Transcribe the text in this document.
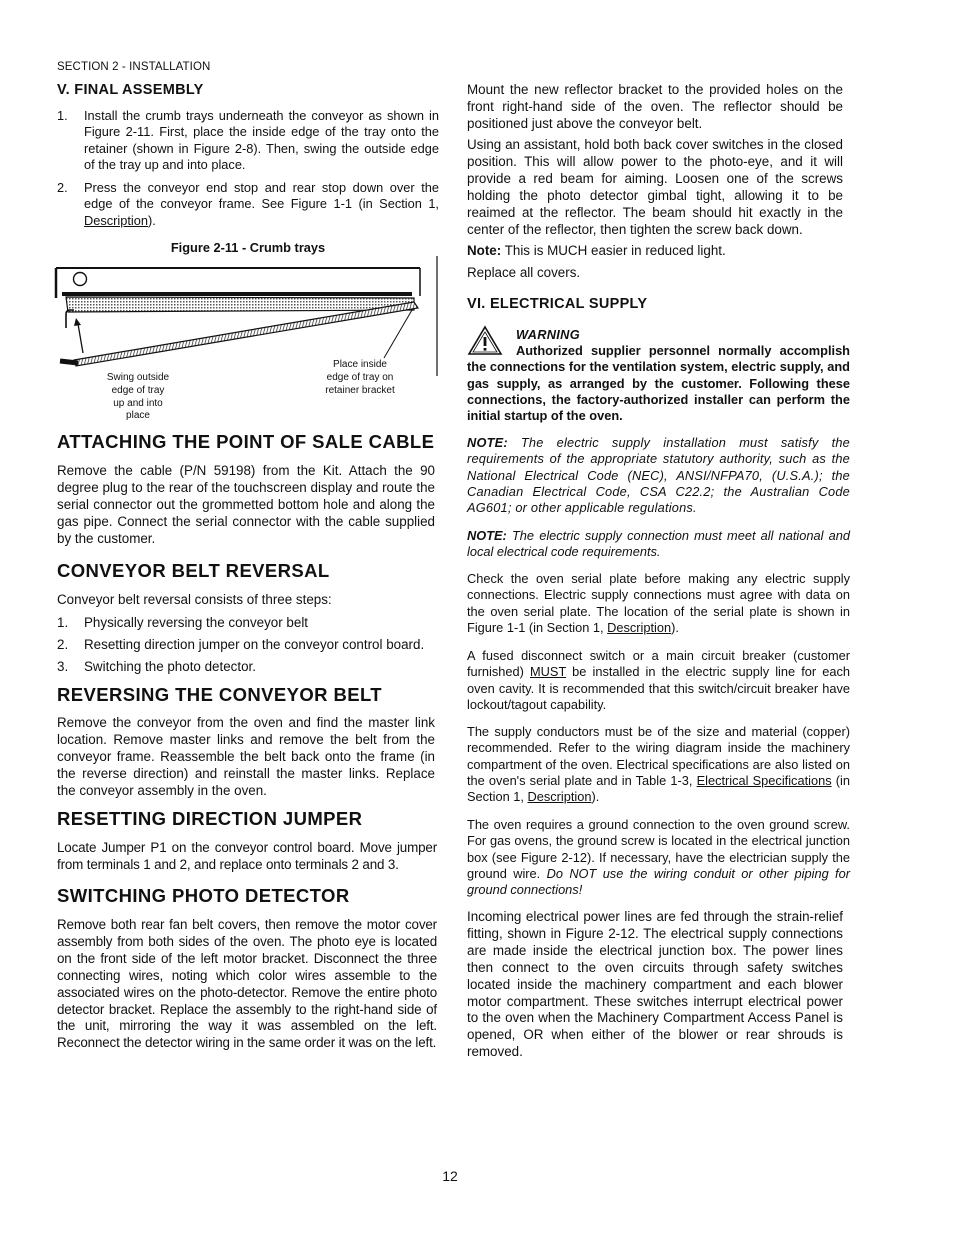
SECTION 2 - INSTALLATION
V. FINAL ASSEMBLY
1. Install the crumb trays underneath the conveyor as shown in Figure 2-11. First, place the inside edge of the tray onto the retainer (shown in Figure 2-8). Then, swing the outside edge of the tray up and into place.
2. Press the conveyor end stop and rear stop down over the edge of the conveyor frame. See Figure 1-1 (in Section 1, Description).
Figure 2-11 - Crumb trays
Swing outside
edge of tray
up and into
place
Place inside
edge of tray on
retainer bracket
ATTACHING THE POINT OF SALE CABLE

Remove the cable (P/N 59198) from the Kit. Attach the 90 degree plug to the rear of the touchscreen display and route the serial connector out the grommetted bottom hole and along the gas pipe. Connect the serial connector with the cable supplied by the customer.

CONVEYOR BELT REVERSAL

Conveyor belt reversal consists of three steps:

1. Physically reversing the conveyor belt
2. Resetting direction jumper on the conveyor control board.
3. Switching the photo detector.
REVERSING THE CONVEYOR BELT

Remove the conveyor from the oven and find the master link location. Remove master links and remove the belt from the conveyor frame. Reassemble the belt back onto the frame (in the reverse direction) and reinstall the master links. Replace the conveyor assembly in the oven.

RESETTING DIRECTION JUMPER

Locate Jumper P1 on the conveyor control board. Move jumper from terminals 1 and 2, and replace onto terminals 2 and 3.

SWITCHING PHOTO DETECTOR

Remove both rear fan belt covers, then remove the motor cover assembly from both sides of the oven. The photo eye is located on the front side of the left motor bracket. Disconnect the three connecting wires, noting which color wires assemble to the associated wires on the photo-detector. Remove the entire photo detector bracket. Replace the assembly to the right-hand side of the unit, mirroring the way it was assembled on the left. Reconnect the detector wiring in the same order it was on the left.

Mount the new reflector bracket to the provided holes on the front right-hand side of the oven. The reflector should be positioned just above the conveyor belt.

Using an assistant, hold both back cover switches in the closed position. This will allow power to the photo-eye, and it will provide a red beam for aiming. Loosen one of the screws holding the photo detector gimbal tight, allowing it to be reaimed at the reflector. The beam should hit exactly in the center of the reflector, then tighten the screw back down.

Note: This is MUCH easier in reduced light.

Replace all covers.

VI. ELECTRICAL SUPPLY
WARNING
Authorized supplier personnel normally accomplish the connections for the ventilation system, electric supply, and gas supply, as arranged by the customer. Following these connections, the factory-authorized installer can perform the initial startup of the oven.

NOTE: The electric supply installation must satisfy the requirements of the appropriate statutory authority, such as the National Electrical Code (NEC), ANSI/NFPA70, (U.S.A.); the Canadian Electrical Code, CSA C22.2; the Australian Code AG601; or other applicable regulations.

NOTE: The electric supply connection must meet all national and local electrical code requirements.

Check the oven serial plate before making any electric supply connections. Electric supply connections must agree with data on the oven serial plate. The location of the serial plate is shown in Figure 1-1 (in Section 1, Description).

A fused disconnect switch or a main circuit breaker (customer furnished) MUST be installed in the electric supply line for each oven cavity. It is recommended that this switch/circuit breaker have lockout/tagout capability.

The supply conductors must be of the size and material (copper) recommended. Refer to the wiring diagram inside the machinery compartment of the oven. Electrical specifications are also listed on the oven's serial plate and in Table 1-3, Electrical Specifications (in Section 1, Description).

The oven requires a ground connection to the oven ground screw. For gas ovens, the ground screw is located in the electrical junction box (see Figure 2-12). If necessary, have the electrician supply the ground wire. Do NOT use the wiring conduit or other piping for ground connections!

Incoming electrical power lines are fed through the strain-relief fitting, shown in Figure 2-12. The electrical supply connections are made inside the electrical junction box. The power lines then connect to the oven circuits through safety switches located inside the machinery compartment and each blower motor compartment. These switches interrupt electrical power to the oven when the Machinery Compartment Access Panel is opened, OR when either of the blower or rear shrouds is removed.

12
